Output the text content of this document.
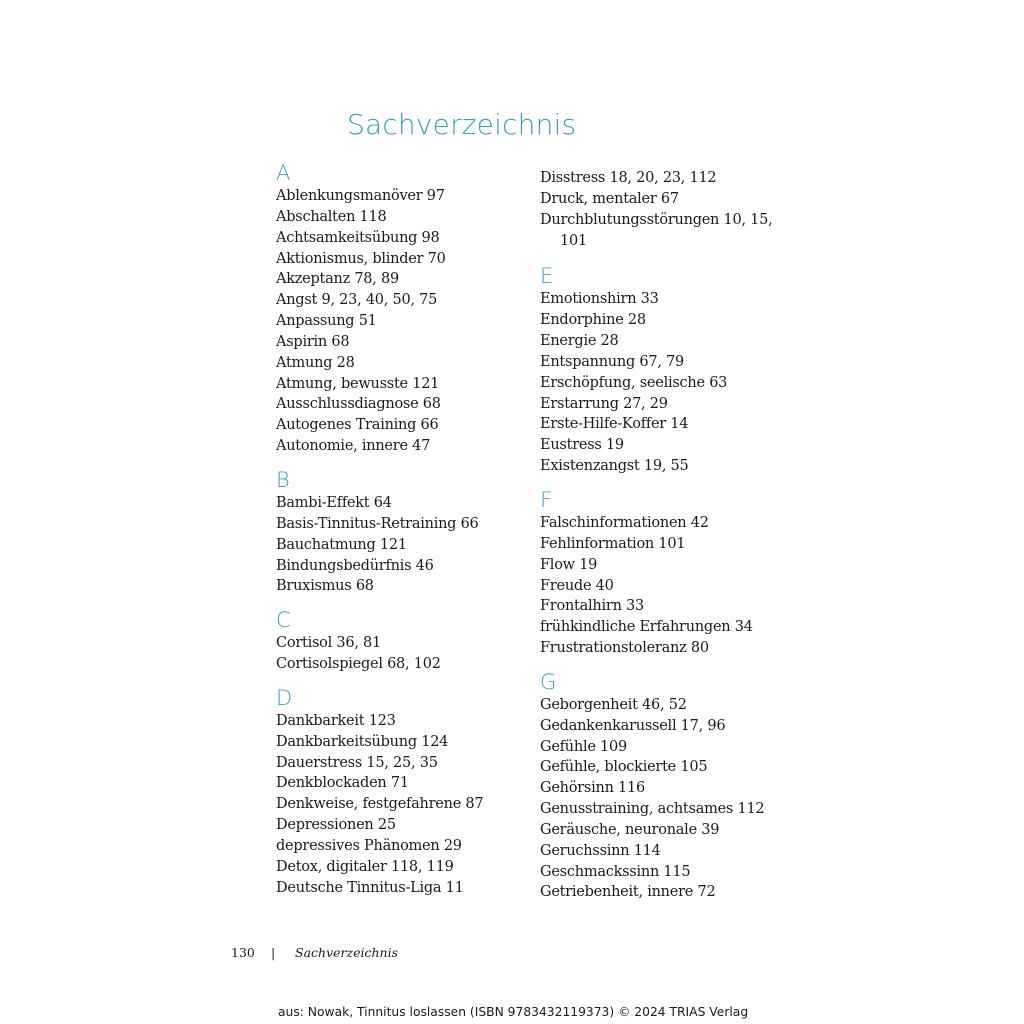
Sachverzeichnis
A
Ablenkungsmanöver 97
Abschalten 118
Achtsamkeitsübung 98
Aktionismus, blinder 70
Akzeptanz 78, 89
Angst 9, 23, 40, 50, 75
Anpassung 51
Aspirin 68
Atmung 28
Atmung, bewusste 121
Ausschlussdiagnose 68
Autogenes Training 66
Autonomie, innere 47
B
Bambi-Effekt 64
Basis-Tinnitus-Retraining 66
Bauchatmung 121
Bindungsbedürfnis 46
Bruxismus 68
C
Cortisol 36, 81
Cortisolspiegel 68, 102
D
Dankbarkeit 123
Dankbarkeitsübung 124
Dauerstress 15, 25, 35
Denkblockaden 71
Denkweise, festgefahrene 87
Depressionen 25
depressives Phänomen 29
Detox, digitaler 118, 119
Deutsche Tinnitus-Liga 11
Disstress 18, 20, 23, 112
Druck, mentaler 67
Durchblutungsstörungen 10, 15,
101
E
Emotionshirn 33
Endorphine 28
Energie 28
Entspannung 67, 79
Erschöpfung, seelische 63
Erstarrung 27, 29
Erste-Hilfe-Koffer 14
Eustress 19
Existenzangst 19, 55
F
Falschinformationen 42
Fehlinformation 101
Flow 19
Freude 40
Frontalhirn 33
frühkindliche Erfahrungen 34
Frustrationstoleranz 80
G
Geborgenheit 46, 52
Gedankenkarussell 17, 96
Gefühle 109
Gefühle, blockierte 105
Gehörsinn 116
Genusstraining, achtsames 112
Geräusche, neuronale 39
Geruchssinn 114
Geschmackssinn 115
Getriebenheit, innere 72
130 | Sachverzeichnis
aus: Nowak, Tinnitus loslassen (ISBN 9783432119373) © 2024 TRIAS Verlag
